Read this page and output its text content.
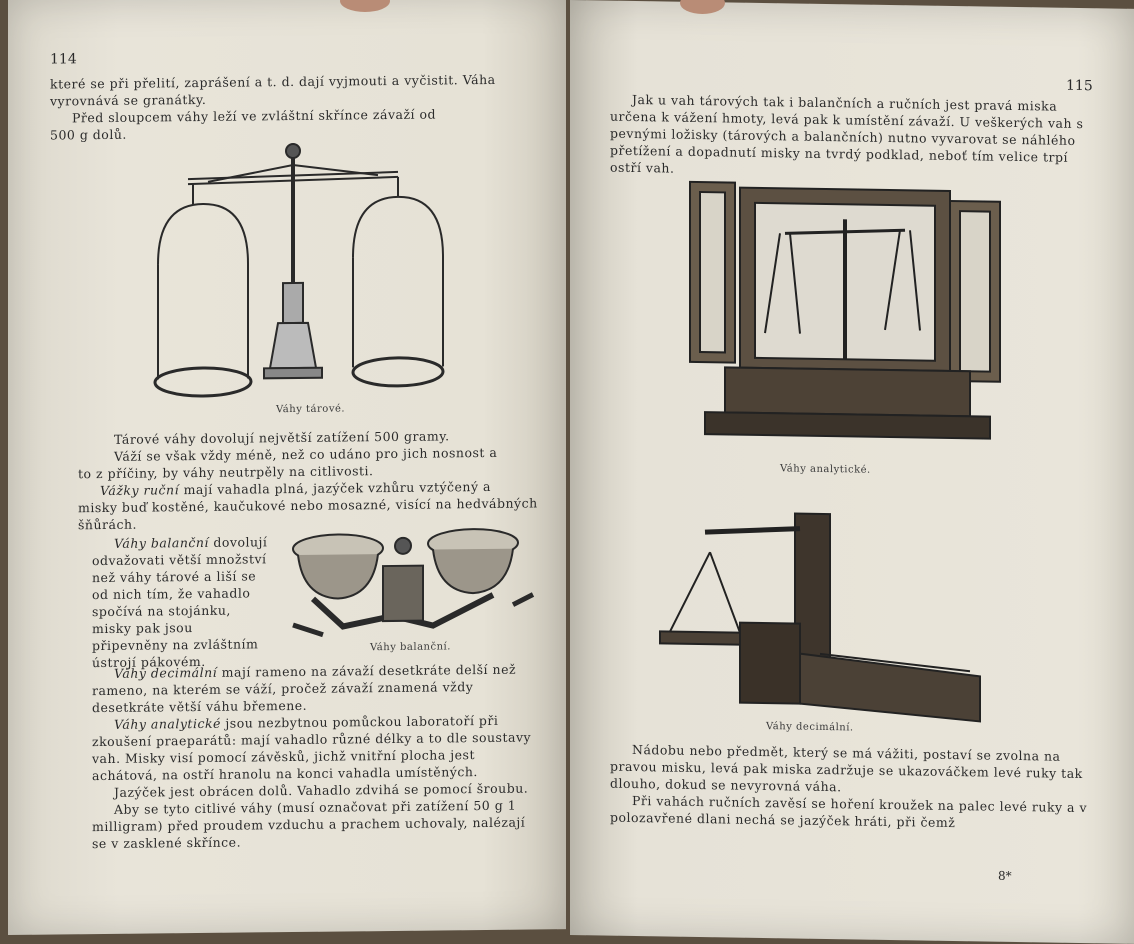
114

které se při přelití, zaprášení a t. d. dají vyjmouti a vyčistit. Váha

vyrovnává se granátky.

Před sloupcem váhy leží ve zvláštní skřínce závaží od

500 g dolů.

Váhy tárové.

Tárové váhy dovolují největší zatížení 500 gramy.

Váží se však vždy méně, než co udáno pro jich nosnost a

to z příčiny, by váhy neutrpěly na citlivosti.

Vážky ruční mají vahadla plná, jazýček vzhůru vztýčený a

misky buď kostěné, kaučukové nebo mosazné, visící na hedvábných šňůrách.

Váhy balanční dovolují odvažovati větší množství než váhy tárové a liší se od nich tím, že vahadlo spočívá na stojánku, misky pak jsou připevněny na zvláštním ústrojí pákovém.

Váhy balanční.

Váhy decimální mají rameno na závaží desetkráte delší než rameno, na kterém se váží, pročež závaží znamená vždy desetkráte větší váhu břemene.

Váhy analytické jsou nezbytnou pomůckou laboratoří při zkoušení praeparátů: mají vahadlo různé délky a to dle soustavy vah. Misky visí pomocí závěsků, jichž vnitřní plocha jest achátová, na ostří hranolu na konci vahadla umístěných.

Jazýček jest obrácen dolů. Vahadlo zdvihá se pomocí šroubu.

Aby se tyto citlivé váhy (musí označovat při zatížení 50 g 1 milligram) před proudem vzduchu a prachem uchovaly, nalézají se v zasklené skřínce.

115

Jak u vah tárových tak i balančních a ručních jest pravá miska určena k vážení hmoty, levá pak k umístění závaží. U veškerých vah s pevnými ložisky (tárových a balančních) nutno vyvarovat se náhlého přetížení a dopadnutí misky na tvrdý podklad, neboť tím velice trpí ostří vah.

Váhy analytické.
Váhy decimální.

Nádobu nebo předmět, který se má vážiti, postaví se zvolna na pravou misku, levá pak miska zadržuje se ukazováčkem levé ruky tak dlouho, dokud se nevyrovná váha.

Při vahách ručních zavěsí se hoření kroužek na palec levé ruky a v polozavřené dlani nechá se jazýček hráti, při čemž

8*
